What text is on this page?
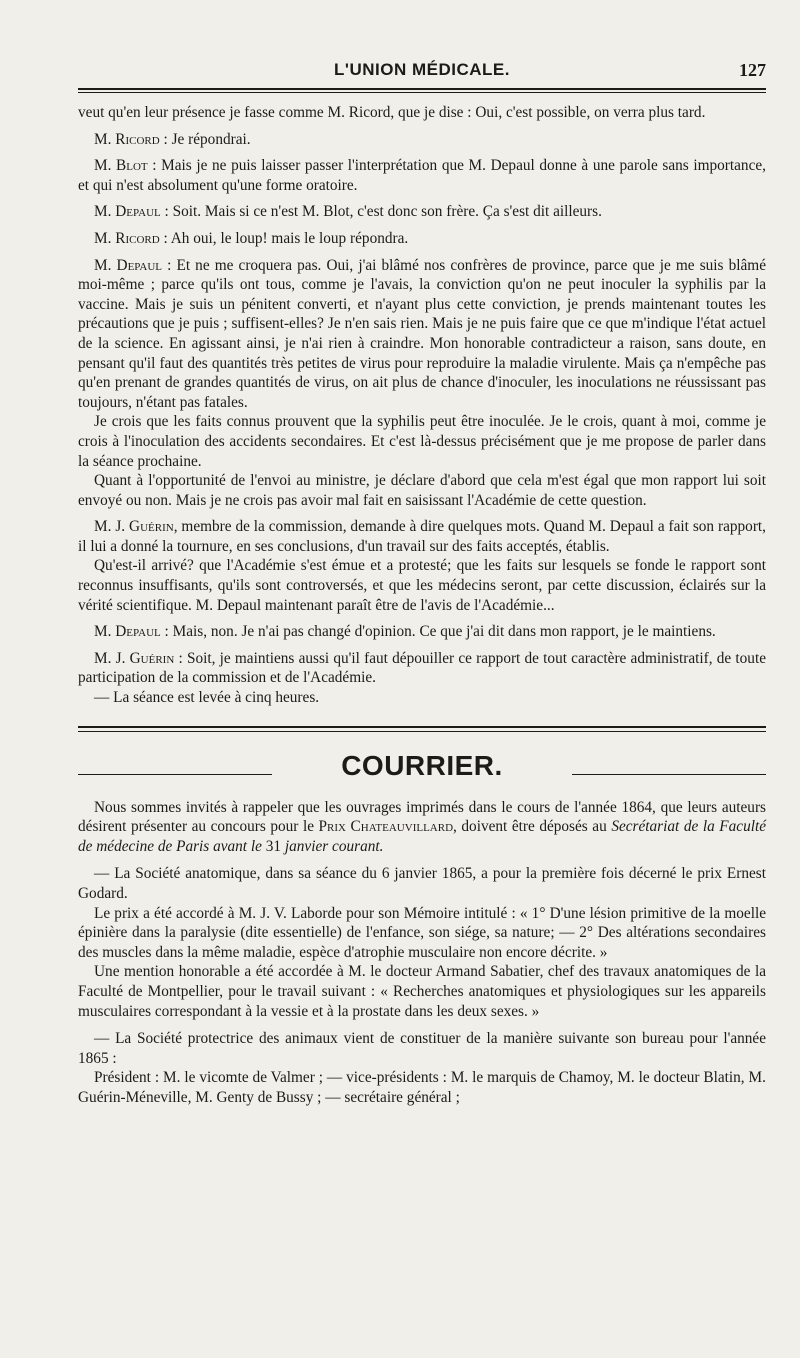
L'UNION MÉDICALE.	127

veut qu'en leur présence je fasse comme M. Ricord, que je dise : Oui, c'est possible, on verra plus tard.

M. Ricord : Je répondrai.

M. Blot : Mais je ne puis laisser passer l'interprétation que M. Depaul donne à une parole sans importance, et qui n'est absolument qu'une forme oratoire.

M. Depaul : Soit. Mais si ce n'est M. Blot, c'est donc son frère. Ça s'est dit ailleurs.

M. Ricord : Ah oui, le loup! mais le loup répondra.

M. Depaul : Et ne me croquera pas. Oui, j'ai blâmé nos confrères de province, parce que je me suis blâmé moi-même ; parce qu'ils ont tous, comme je l'avais, la conviction qu'on ne peut inoculer la syphilis par la vaccine. Mais je suis un pénitent converti, et n'ayant plus cette conviction, je prends maintenant toutes les précautions que je puis ; suffisent-elles? Je n'en sais rien. Mais je ne puis faire que ce que m'indique l'état actuel de la science. En agissant ainsi, je n'ai rien à craindre. Mon honorable contradicteur a raison, sans doute, en pensant qu'il faut des quantités très petites de virus pour reproduire la maladie virulente. Mais ça n'empêche pas qu'en prenant de grandes quantités de virus, on ait plus de chance d'inoculer, les inoculations ne réussissant pas toujours, n'étant pas fatales.

Je crois que les faits connus prouvent que la syphilis peut être inoculée. Je le crois, quant à moi, comme je crois à l'inoculation des accidents secondaires. Et c'est là-dessus précisément que je me propose de parler dans la séance prochaine.

Quant à l'opportunité de l'envoi au ministre, je déclare d'abord que cela m'est égal que mon rapport lui soit envoyé ou non. Mais je ne crois pas avoir mal fait en saisissant l'Académie de cette question.

M. J. Guérin, membre de la commission, demande à dire quelques mots. Quand M. Depaul a fait son rapport, il lui a donné la tournure, en ses conclusions, d'un travail sur des faits acceptés, établis.

Qu'est-il arrivé? que l'Académie s'est émue et a protesté; que les faits sur lesquels se fonde le rapport sont reconnus insuffisants, qu'ils sont controversés, et que les médecins seront, par cette discussion, éclairés sur la vérité scientifique. M. Depaul maintenant paraît être de l'avis de l'Académie...

M. Depaul : Mais, non. Je n'ai pas changé d'opinion. Ce que j'ai dit dans mon rapport, je le maintiens.

M. J. Guérin : Soit, je maintiens aussi qu'il faut dépouiller ce rapport de tout caractère administratif, de toute participation de la commission et de l'Académie.

— La séance est levée à cinq heures.

COURRIER.

Nous sommes invités à rappeler que les ouvrages imprimés dans le cours de l'année 1864, que leurs auteurs désirent présenter au concours pour le Prix Chateauvillard, doivent être déposés au Secrétariat de la Faculté de médecine de Paris avant le 31 janvier courant.

— La Société anatomique, dans sa séance du 6 janvier 1865, a pour la première fois décerné le prix Ernest Godard.

Le prix a été accordé à M. J. V. Laborde pour son Mémoire intitulé : « 1° D'une lésion primitive de la moelle épinière dans la paralysie (dite essentielle) de l'enfance, son siége, sa nature; — 2° Des altérations secondaires des muscles dans la même maladie, espèce d'atrophie musculaire non encore décrite. »

Une mention honorable a été accordée à M. le docteur Armand Sabatier, chef des travaux anatomiques de la Faculté de Montpellier, pour le travail suivant : « Recherches anatomiques et physiologiques sur les appareils musculaires correspondant à la vessie et à la prostate dans les deux sexes. »

— La Société protectrice des animaux vient de constituer de la manière suivante son bureau pour l'année 1865 :

Président : M. le vicomte de Valmer ; — vice-présidents : M. le marquis de Chamoy, M. le docteur Blatin, M. Guérin-Méneville, M. Genty de Bussy ; — secrétaire général ;
